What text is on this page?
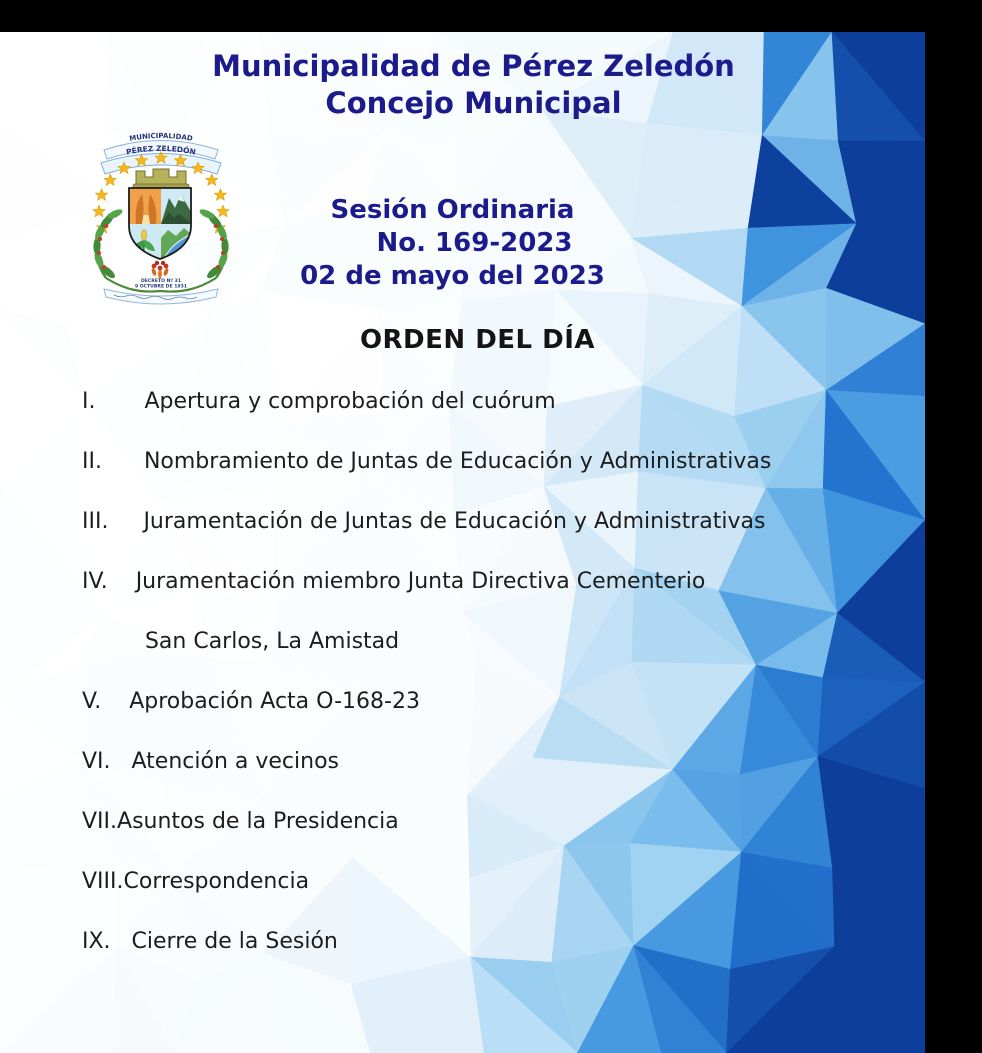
Municipalidad de Pérez Zeledón
Concejo Municipal
MUNICIPALIDAD
PÉREZ ZELEDÓN
DECRETO Nº 31
9 OCTUBRE DE 1931
Sesión Ordinaria
No. 169-2023
02 de mayo del 2023
ORDEN DEL DÍA
I. Apertura y comprobación del cuórum
II. Nombramiento de Juntas de Educación y Administrativas
III. Juramentación de Juntas de Educación y Administrativas
IV. Juramentación miembro Junta Directiva Cementerio
San Carlos, La Amistad
V. Aprobación Acta O-168-23
VI. Atención a vecinos
VII.Asuntos de la Presidencia
VIII.Correspondencia
IX. Cierre de la Sesión
